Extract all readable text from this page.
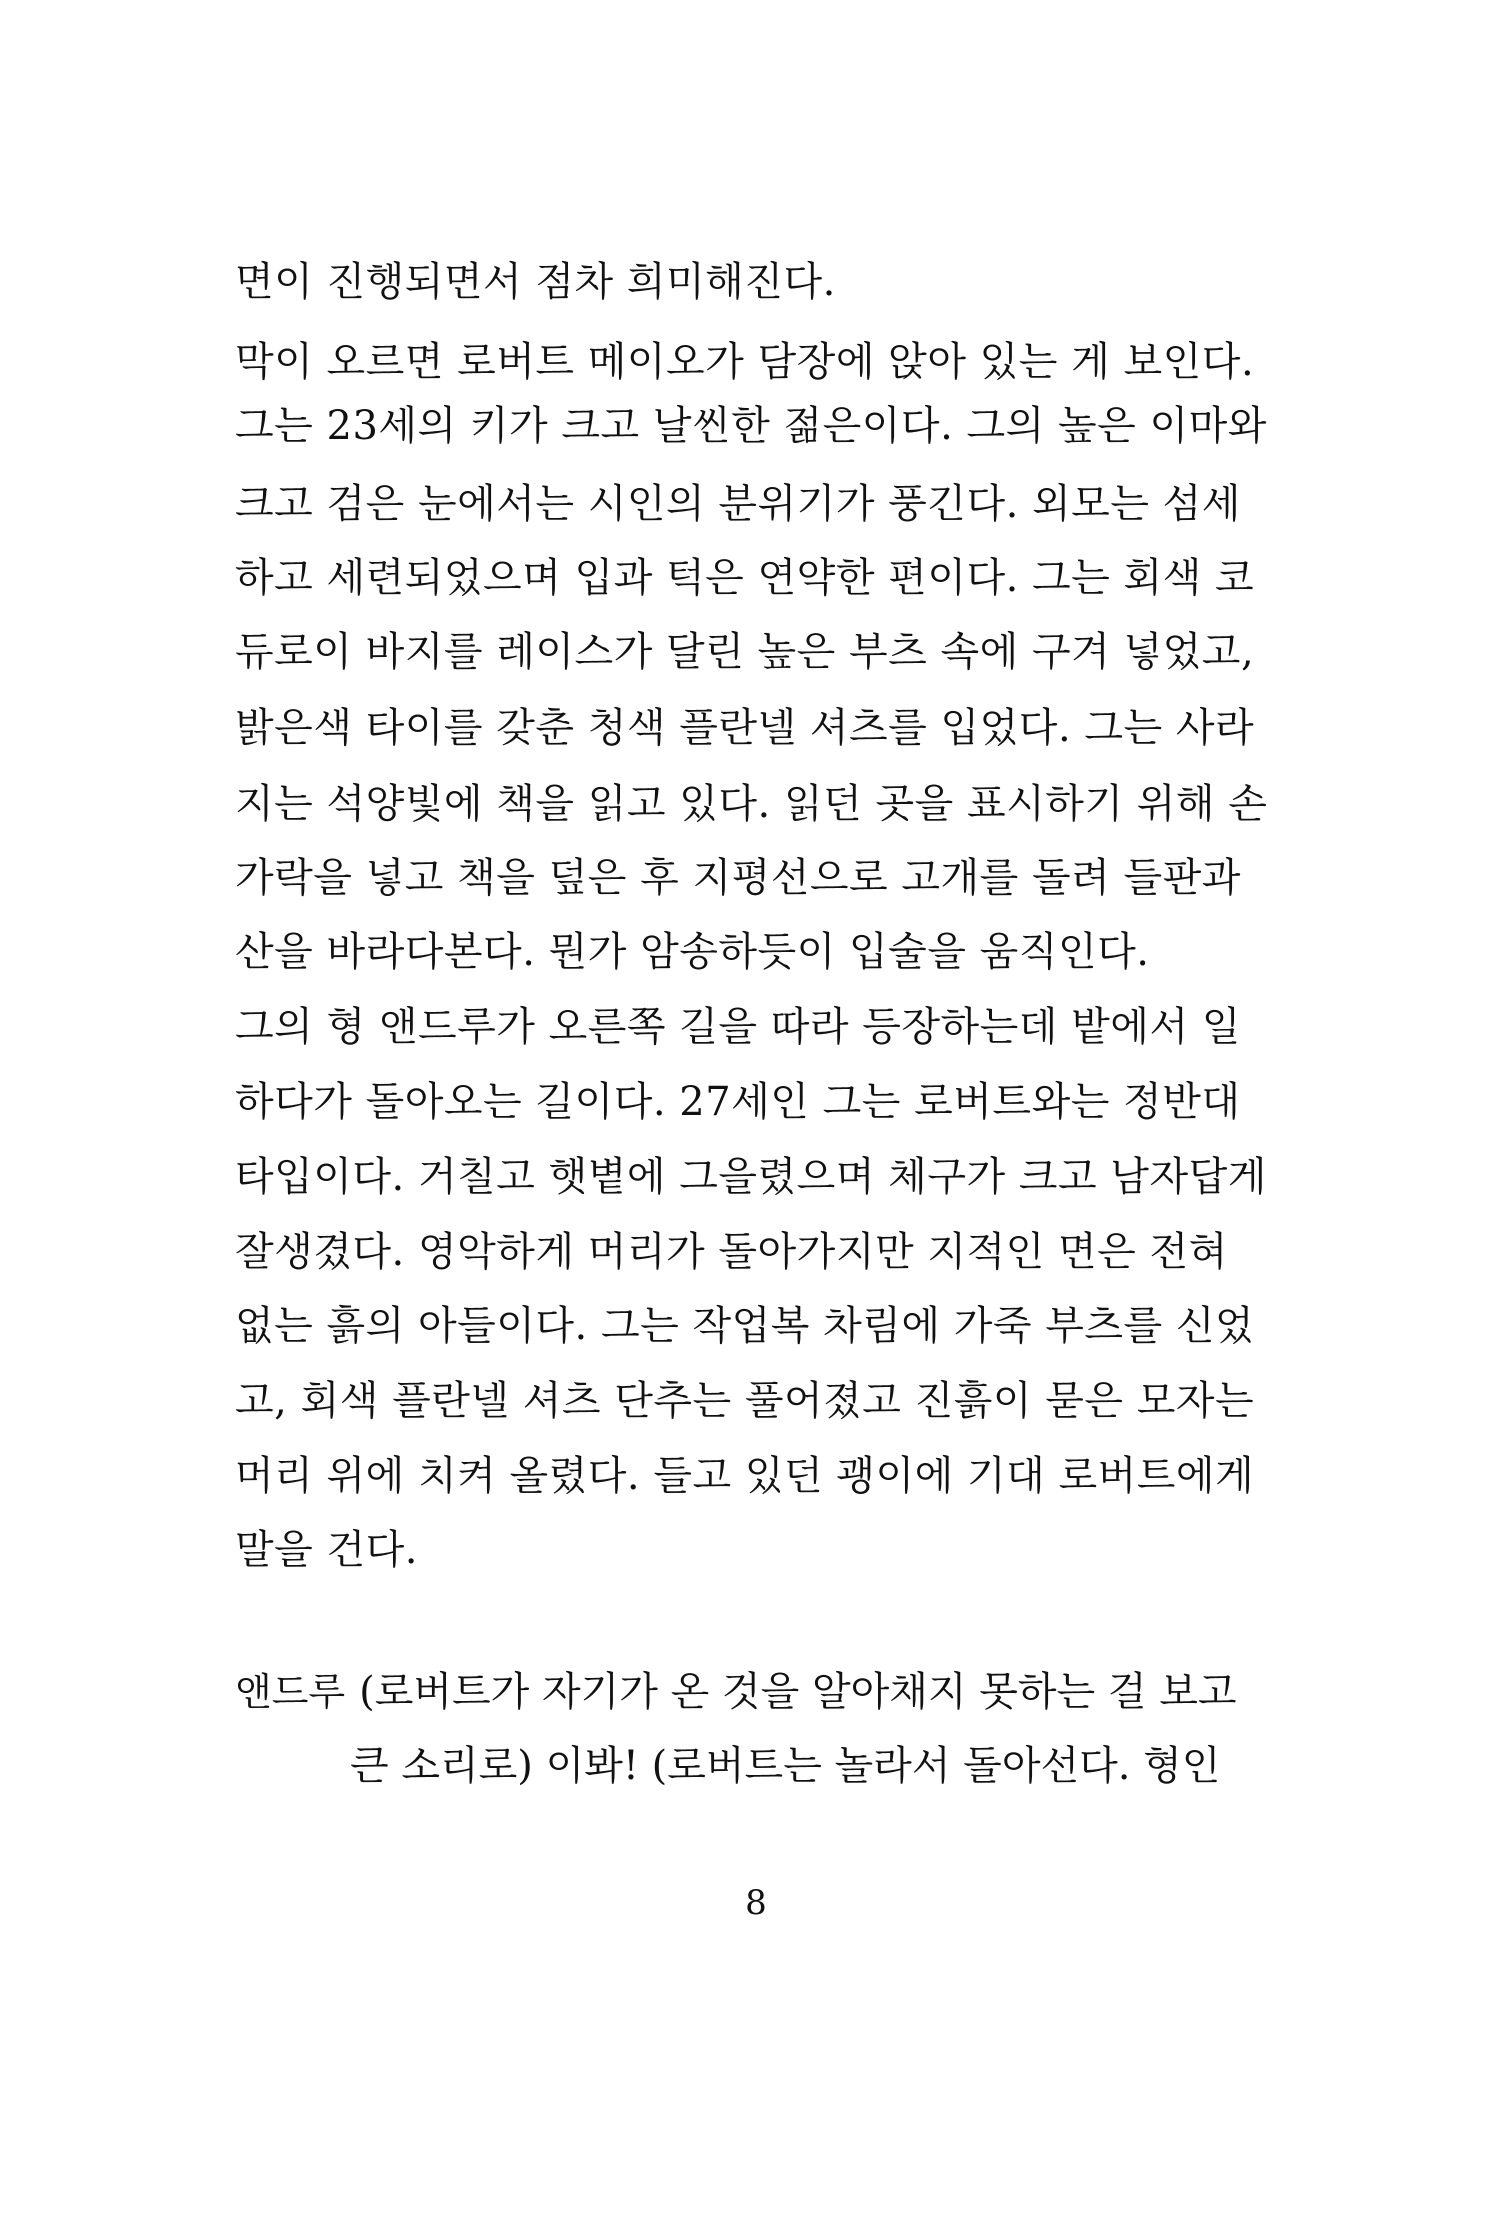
면이 진행되면서 점차 희미해진다.
막이 오르면 로버트 메이오가 담장에 앉아 있는 게 보인다.
그는 23세의 키가 크고 날씬한 젊은이다. 그의 높은 이마와
크고 검은 눈에서는 시인의 분위기가 풍긴다. 외모는 섬세
하고 세련되었으며 입과 턱은 연약한 편이다. 그는 회색 코
듀로이 바지를 레이스가 달린 높은 부츠 속에 구겨 넣었고,
밝은색 타이를 갖춘 청색 플란넬 셔츠를 입었다. 그는 사라
지는 석양빛에 책을 읽고 있다. 읽던 곳을 표시하기 위해 손
가락을 넣고 책을 덮은 후 지평선으로 고개를 돌려 들판과
산을 바라다본다. 뭔가 암송하듯이 입술을 움직인다.
그의 형 앤드루가 오른쪽 길을 따라 등장하는데 밭에서 일
하다가 돌아오는 길이다. 27세인 그는 로버트와는 정반대
타입이다. 거칠고 햇볕에 그을렸으며 체구가 크고 남자답게
잘생겼다. 영악하게 머리가 돌아가지만 지적인 면은 전혀
없는 흙의 아들이다. 그는 작업복 차림에 가죽 부츠를 신었
고, 회색 플란넬 셔츠 단추는 풀어졌고 진흙이 묻은 모자는
머리 위에 치켜 올렸다. 들고 있던 괭이에 기대 로버트에게
말을 건다.
앤드루 (로버트가 자기가 온 것을 알아채지 못하는 걸 보고
큰 소리로) 이봐! (로버트는 놀라서 돌아선다. 형인
8
